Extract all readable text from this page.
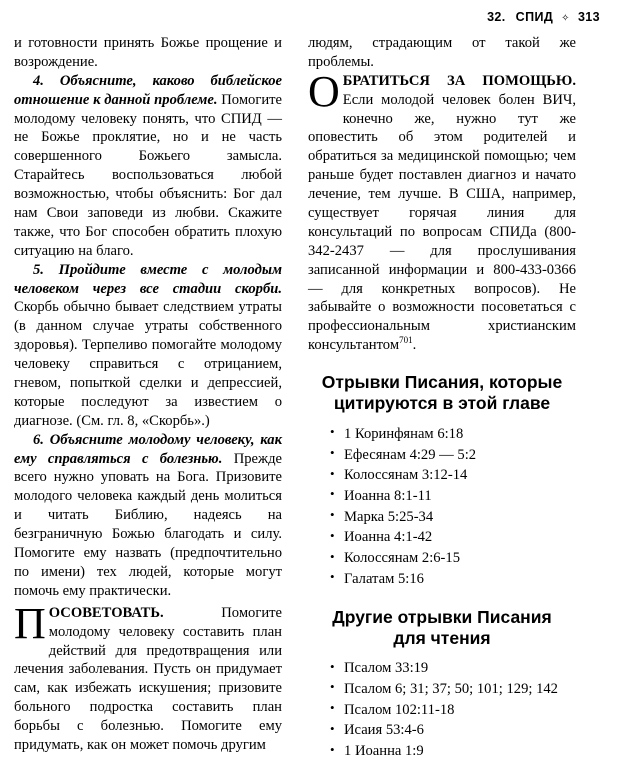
32. СПИД ✧ 313

и готовности принять Божье прощение и возрождение.

4. Объясните, каково библейское отношение к данной проблеме. Помогите молодому человеку понять, что СПИД — не Божье проклятие, но и не часть совершенного Божьего замысла. Старайтесь воспользоваться любой возможностью, чтобы объяснить: Бог дал нам Свои заповеди из любви. Скажите также, что Бог способен обратить плохую ситуацию на благо.

5. Пройдите вместе с молодым человеком через все стадии скорби. Скорбь обычно бывает следствием утраты (в данном случае утраты собственного здоровья). Терпеливо помогайте молодому человеку справиться с отрицанием, гневом, попыткой сделки и депрессией, которые последуют за известием о диагнозе. (См. гл. 8, «Скорбь».)

6. Объясните молодому человеку, как ему справляться с болезнью. Прежде всего нужно уповать на Бога. Призовите молодого человека каждый день молиться и читать Библию, надеясь на безграничную Божью благодать и силу. Помогите ему назвать (предпочтительно по имени) тех людей, которые могут помочь ему практически.

ПОСОВЕТОВАТЬ. Помогите молодому человеку составить план действий для предотвращения или лечения заболевания. Пусть он придумает сам, как избежать искушения; призовите больного подростка составить план борьбы с болезнью. Помогите ему придумать, как он может помочь другим

людям, страдающим от такой же проблемы.

ОБРАТИТЬСЯ ЗА ПОМОЩЬЮ. Если молодой человек болен ВИЧ, конечно же, нужно тут же оповестить об этом родителей и обратиться за медицинской помощью; чем раньше будет поставлен диагноз и начато лечение, тем лучше. В США, например, существует горячая линия для консультаций по вопросам СПИДа (800-342-2437 — для прослушивания записанной информации и 800-433-0366 — для конкретных вопросов). Не забывайте о возможности посоветаться с профессиональным христианским консультантом$^{701}$.

Отрывки Писания, которые
цитируются в этой главе
• 1 Коринфянам 6:18
• Ефесянам 4:29 — 5:2
• Колоссянам 3:12-14
• Иоанна 8:1-11
• Марка 5:25-34
• Иоанна 4:1-42
• Колоссянам 2:6-15
• Галатам 5:16
Другие отрывки Писания
для чтения
• Псалом 33:19
• Псалом 6; 31; 37; 50; 101; 129; 142
• Псалом 102:11-18
• Исаия 53:4-6
• 1 Иоанна 1:9
